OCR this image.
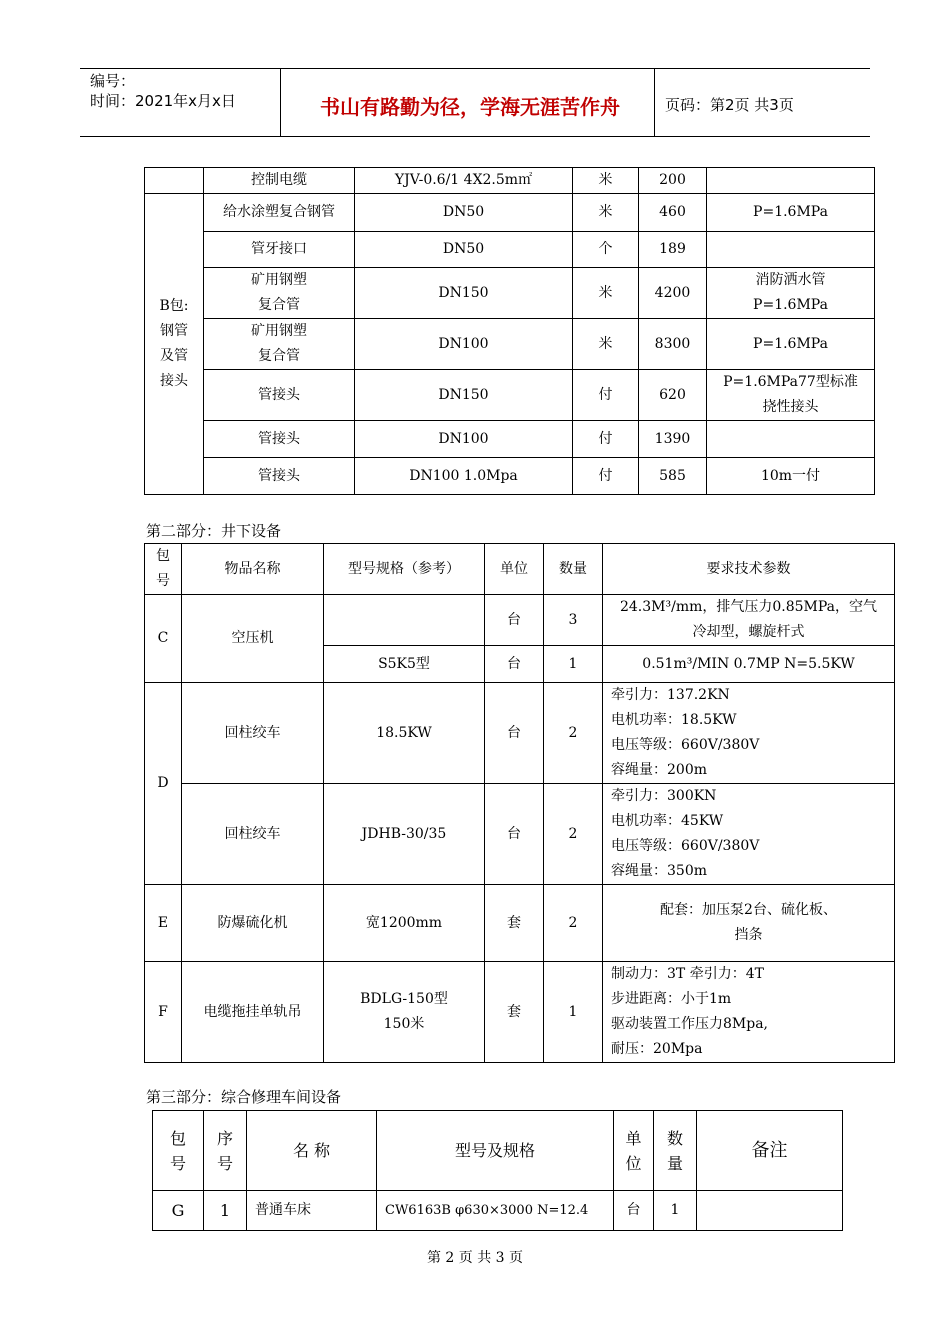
编号：
时间：2021年x月x日	书山有路勤为径，学海无涯苦作舟	页码：第2页 共3页
	控制电缆	YJV-0.6/1 4X2.5m㎡	米	200	
B包:
钢管
及管
接头	给水涂塑复合钢管	DN50	米	460	P=1.6MPa
	管牙接口	DN50	个	189	
	矿用钢塑
复合管	DN150	米	4200	消防洒水管
P=1.6MPa
	矿用钢塑
复合管	DN100	米	8300	P=1.6MPa
	管接头	DN150	付	620	P=1.6MPa77型标准
挠性接头
	管接头	DN100	付	1390	
	管接头	DN100 1.0Mpa	付	585	10m一付
第二部分：井下设备
包
号	物品名称	型号规格（参考）	单位	数量	要求技术参数
C	空压机		台	3	24.3M³/mm，排气压力0.85MPa，空气
冷却型，螺旋杆式
		S5K5型	台	1	0.51m³/MIN 0.7MP N=5.5KW
D	回柱绞车	18.5KW	台	2	牵引力：137.2KN
电机功率：18.5KW
电压等级：660V/380V
容绳量：200m
	回柱绞车	JDHB-30/35	台	2	牵引力：300KN
电机功率：45KW
电压等级：660V/380V
容绳量：350m
E	防爆硫化机	宽1200mm	套	2	配套：加压泵2台、硫化板、
挡条
F	电缆拖挂单轨吊	BDLG-150型
150米	套	1	制动力：3T 牵引力：4T
步进距离：小于1m
驱动装置工作压力8Mpa,
耐压：20Mpa
第三部分：综合修理车间设备
包
号	序
号	名 称	型号及规格	单
位	数
量	备注
G	1	普通车床	CW6163B φ630×3000 N=12.4	台	1	
第 2 页 共 3 页
